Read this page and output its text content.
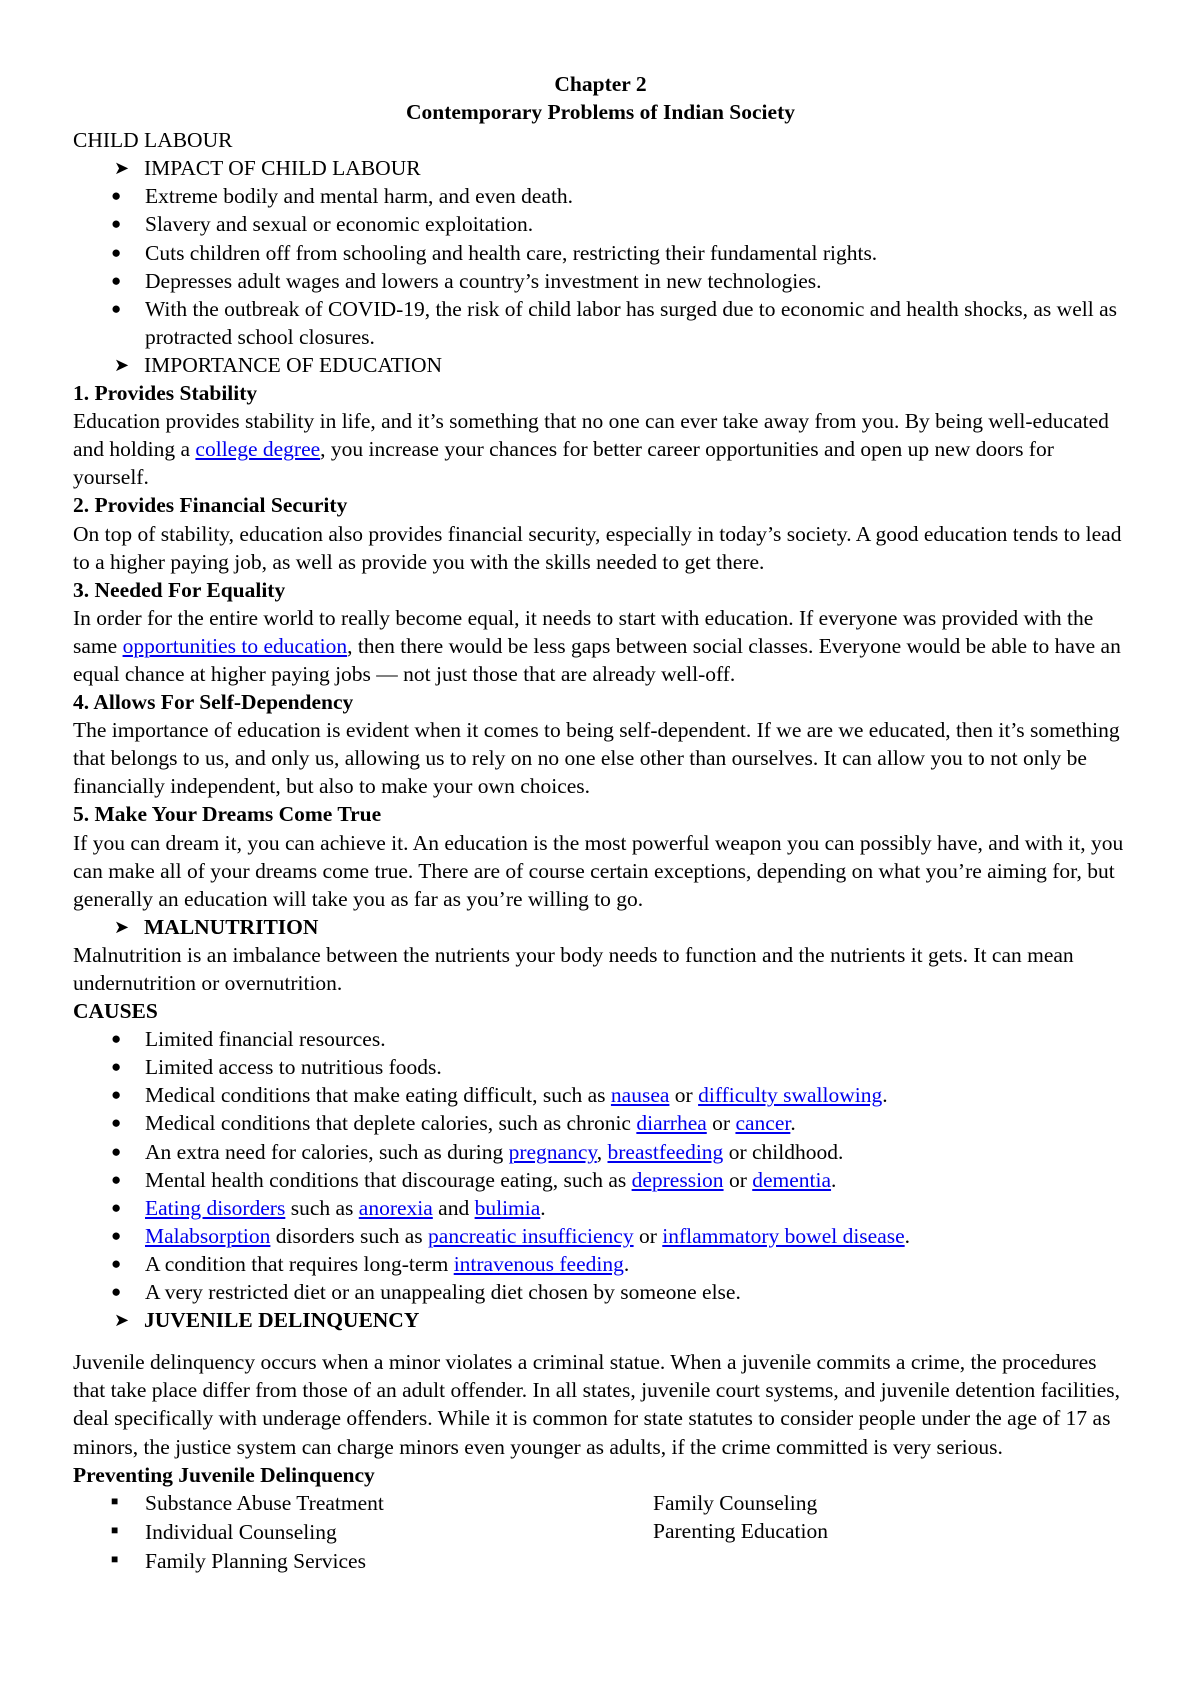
Chapter 2

Contemporary Problems of Indian Society

CHILD LABOUR

➤ IMPACT OF CHILD LABOUR
●	Extreme bodily and mental harm, and even death.
●	Slavery and sexual or economic exploitation.
●	Cuts children off from schooling and health care, restricting their fundamental rights.
●	Depresses adult wages and lowers a country’s investment in new technologies.
●	With the outbreak of COVID-19, the risk of child labor has surged due to economic and health shocks, as well as protracted school closures.
➤ IMPORTANCE OF EDUCATION

1. Provides Stability

Education provides stability in life, and it’s something that no one can ever take away from you. By being well-educated and holding a college degree, you increase your chances for better career opportunities and open up new doors for yourself.

2. Provides Financial Security

On top of stability, education also provides financial security, especially in today’s society. A good education tends to lead to a higher paying job, as well as provide you with the skills needed to get there.

3. Needed For Equality

In order for the entire world to really become equal, it needs to start with education. If everyone was provided with the same opportunities to education, then there would be less gaps between social classes. Everyone would be able to have an equal chance at higher paying jobs — not just those that are already well-off.

4. Allows For Self-Dependency

The importance of education is evident when it comes to being self-dependent. If we are we educated, then it’s something that belongs to us, and only us, allowing us to rely on no one else other than ourselves. It can allow you to not only be financially independent, but also to make your own choices.

5. Make Your Dreams Come True

If you can dream it, you can achieve it. An education is the most powerful weapon you can possibly have, and with it, you can make all of your dreams come true. There are of course certain exceptions, depending on what you’re aiming for, but generally an education will take you as far as you’re willing to go.

➤ MALNUTRITION

Malnutrition is an imbalance between the nutrients your body needs to function and the nutrients it gets. It can mean undernutrition or overnutrition.

CAUSES

●	Limited financial resources.
●	Limited access to nutritious foods.
●	Medical conditions that make eating difficult, such as nausea or difficulty swallowing.
●	Medical conditions that deplete calories, such as chronic diarrhea or cancer.
●	An extra need for calories, such as during pregnancy, breastfeeding or childhood.
●	Mental health conditions that discourage eating, such as depression or dementia.
●	Eating disorders such as anorexia and bulimia.
●	Malabsorption disorders such as pancreatic insufficiency or inflammatory bowel disease.
●	A condition that requires long-term intravenous feeding.
●	A very restricted diet or an unappealing diet chosen by someone else.
➤ JUVENILE DELINQUENCY

Juvenile delinquency occurs when a minor violates a criminal statue. When a juvenile commits a crime, the procedures that take place differ from those of an adult offender. In all states, juvenile court systems, and juvenile detention facilities, deal specifically with underage offenders. While it is common for state statutes to consider people under the age of 17 as minors, the justice system can charge minors even younger as adults, if the crime committed is very serious.

Preventing Juvenile Delinquency

■	Substance Abuse Treatment
■	Individual Counseling
■	Family Planning Services

Family Counseling

Parenting Education
